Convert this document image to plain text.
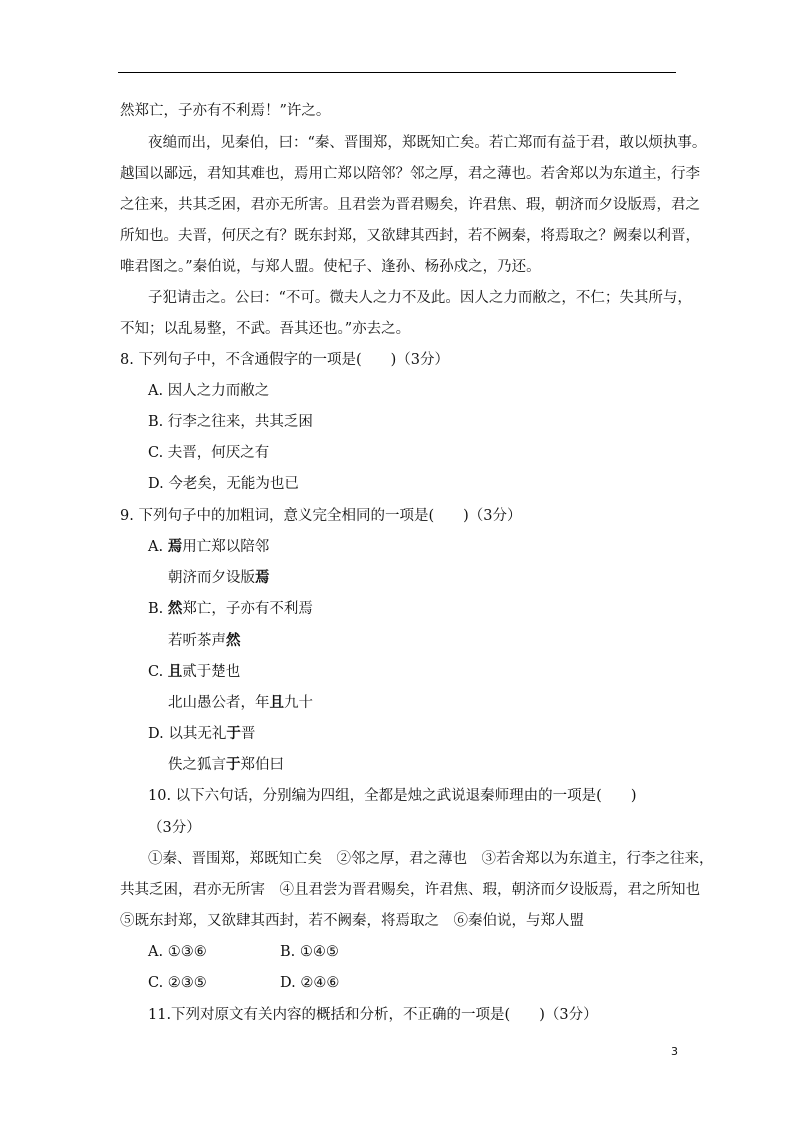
然郑亡，子亦有不利焉！”许之。
夜缒而出，见秦伯，曰：“秦、晋围郑，郑既知亡矣。若亡郑而有益于君，敢以烦执事。
越国以鄙远，君知其难也，焉用亡郑以陪邻？邻之厚，君之薄也。若舍郑以为东道主，行李
之往来，共其乏困，君亦无所害。且君尝为晋君赐矣，许君焦、瑕，朝济而夕设版焉，君之
所知也。夫晋，何厌之有？既东封郑，又欲肆其西封，若不阙秦，将焉取之？阙秦以利晋，
唯君图之。”秦伯说，与郑人盟。使杞子、逢孙、杨孙戍之，乃还。
子犯请击之。公曰：“不可。微夫人之力不及此。因人之力而敝之，不仁；失其所与，
不知；以乱易整，不武。吾其还也。”亦去之。
8. 下列句子中，不含通假字的一项是(　　)（3分）
A. 因人之力而敝之
B. 行李之往来，共其乏困
C. 夫晋，何厌之有
D. 今老矣，无能为也已
9. 下列句子中的加粗词，意义完全相同的一项是(　　)（3分）
A. 焉用亡郑以陪邻
朝济而夕设版焉
B. 然郑亡，子亦有不利焉
若听茶声然
C. 且贰于楚也
北山愚公者，年且九十
D. 以其无礼于晋
佚之狐言于郑伯曰
10. 以下六句话，分别编为四组，全都是烛之武说退秦师理由的一项是(　　)
（3分）
①秦、晋围郑，郑既知亡矣　②邻之厚，君之薄也　③若舍郑以为东道主，行李之往来，
共其乏困，君亦无所害　④且君尝为晋君赐矣，许君焦、瑕，朝济而夕设版焉，君之所知也
⑤既东封郑，又欲肆其西封，若不阙秦，将焉取之　⑥秦伯说，与郑人盟
A. ①③⑥	B. ①④⑤
C. ②③⑤	D. ②④⑥
11.下列对原文有关内容的概括和分析，不正确的一项是(　　)（3分）
3
